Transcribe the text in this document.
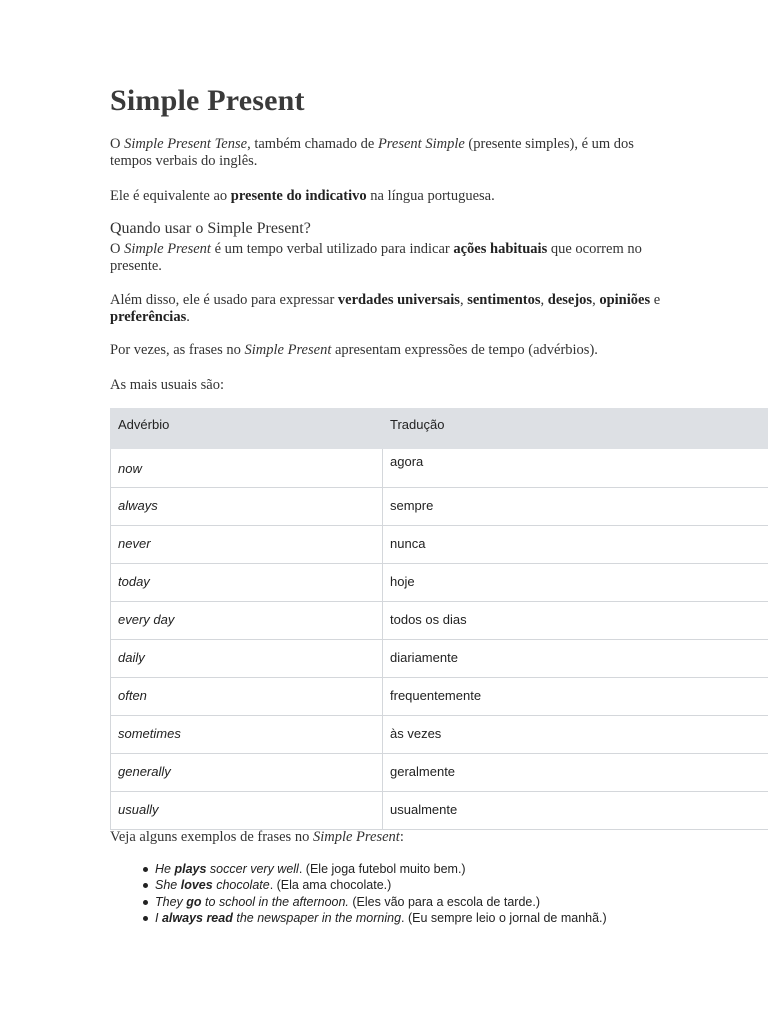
Simple Present

O Simple Present Tense, também chamado de Present Simple (presente simples), é um dos tempos verbais do inglês.

Ele é equivalente ao presente do indicativo na língua portuguesa.

Quando usar o Simple Present?

O Simple Present é um tempo verbal utilizado para indicar ações habituais que ocorrem no presente.

Além disso, ele é usado para expressar verdades universais, sentimentos, desejos, opiniões e preferências.

Por vezes, as frases no Simple Present apresentam expressões de tempo (advérbios).

As mais usuais são:

Advérbio	Tradução
now	agora
always	sempre
never	nunca
today	hoje
every day	todos os dias
daily	diariamente
often	frequentemente
sometimes	às vezes
generally	geralmente
usually	usualmente

Veja alguns exemplos de frases no Simple Present:

He plays soccer very well. (Ele joga futebol muito bem.)
She loves chocolate. (Ela ama chocolate.)
They go to school in the afternoon. (Eles vão para a escola de tarde.)
I always read the newspaper in the morning. (Eu sempre leio o jornal de manhã.)
